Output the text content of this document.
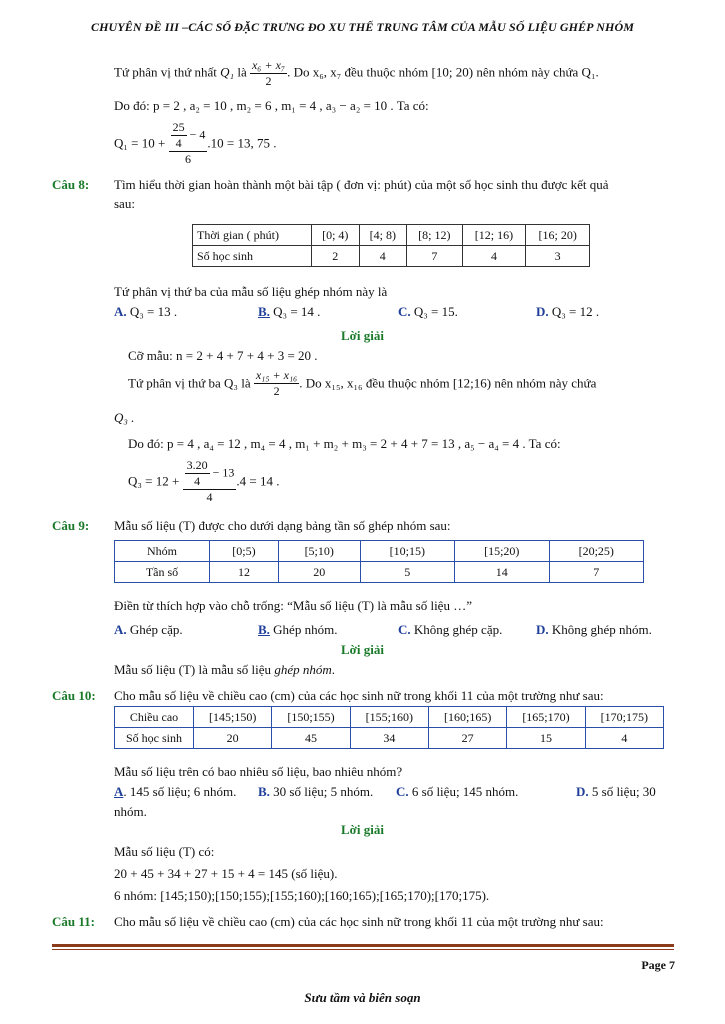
CHUYÊN ĐỀ III –CÁC SỐ ĐẶC TRƯNG ĐO XU THẾ TRUNG TÂM CỦA MẪU SỐ LIỆU GHÉP NHÓM
Tứ phân vị thứ nhất Q₁ là $\frac{\text{x₆ + x₇}}{2}$ . Do x₆, x₇ đều thuộc nhóm [10; 20) nên nhóm này chứa Q₁.
Do đó: p = 2 , a₂ = 10 , m₂ = 6 , m₁ = 4 , a₃ − a₂ = 10 . Ta có:
$Q_1 = 10 + \frac{\frac{25}{4} - 4}{6} .10 = 13$, 75 .
Câu 8: Tìm hiểu thời gian hoàn thành một bài tập ( đơn vị: phút) của một số học sinh thu được kết quả
sau:
Thời gian ( phút)	[0; 4)	[4; 8)	[8; 12)	[12; 16)	[16; 20)
Số học sinh	2	4	7	4	3
Tứ phân vị thứ ba của mẫu số liệu ghép nhóm này là
A. Q₃ = 13 .	B. Q₃ = 14 .	C. Q₃ = 15.	D. Q₃ = 12 .
Lời giải
Cỡ mẫu: n = 2 + 4 + 7 + 4 + 3 = 20 .
Tứ phân vị thứ ba Q₃ là $\frac{\text{x₁₅ + x₁₆}}{2}$ . Do x₁₅, x₁₆ đều thuộc nhóm [12;16) nên nhóm này chứa
Q₃ .
Do đó: p = 4 , a₄ = 12 , m₄ = 4 , m₁ + m₂ + m₃ = 2 + 4 + 7 = 13 , a₅ − a₄ = 4 . Ta có:
$Q_3 = 12 + \frac{\frac{3.20}{4} - 13}{4} .4 = 14$ .
Câu 9: Mẫu số liệu (T) được cho dưới dạng bảng tần số ghép nhóm sau:
Nhóm	[0;5)	[5;10)	[10;15)	[15;20)	[20;25)
Tần số	12	20	5	14	7
Điền từ thích hợp vào chỗ trống: “Mẫu số liệu (T) là mẫu số liệu …”
A. Ghép cặp.	B. Ghép nhóm.	C. Không ghép cặp.	D. Không ghép nhóm.
Lời giải
Mẫu số liệu (T) là mẫu số liệu ghép nhóm.
Câu 10: Cho mẫu số liệu về chiều cao (cm) của các học sinh nữ trong khối 11 của một trường như sau:
Chiều cao	[145;150)	[150;155)	[155;160)	[160;165)	[165;170)	[170;175)
Số học sinh	20	45	34	27	15	4
Mẫu số liệu trên có bao nhiêu số liệu, bao nhiêu nhóm?
A. 145 số liệu; 6 nhóm. B. 30 số liệu; 5 nhóm. C. 6 số liệu; 145 nhóm.	D. 5 số liệu; 30
nhóm.
Lời giải
Mẫu số liệu (T) có:
20 + 45 + 34 + 27 + 15 + 4 = 145 (số liệu).
6 nhóm: [145;150);[150;155);[155;160);[160;165);[165;170);[170;175).
Câu 11: Cho mẫu số liệu về chiều cao (cm) của các học sinh nữ trong khối 11 của một trường như sau:
Page 7
Sưu tầm và biên soạn
